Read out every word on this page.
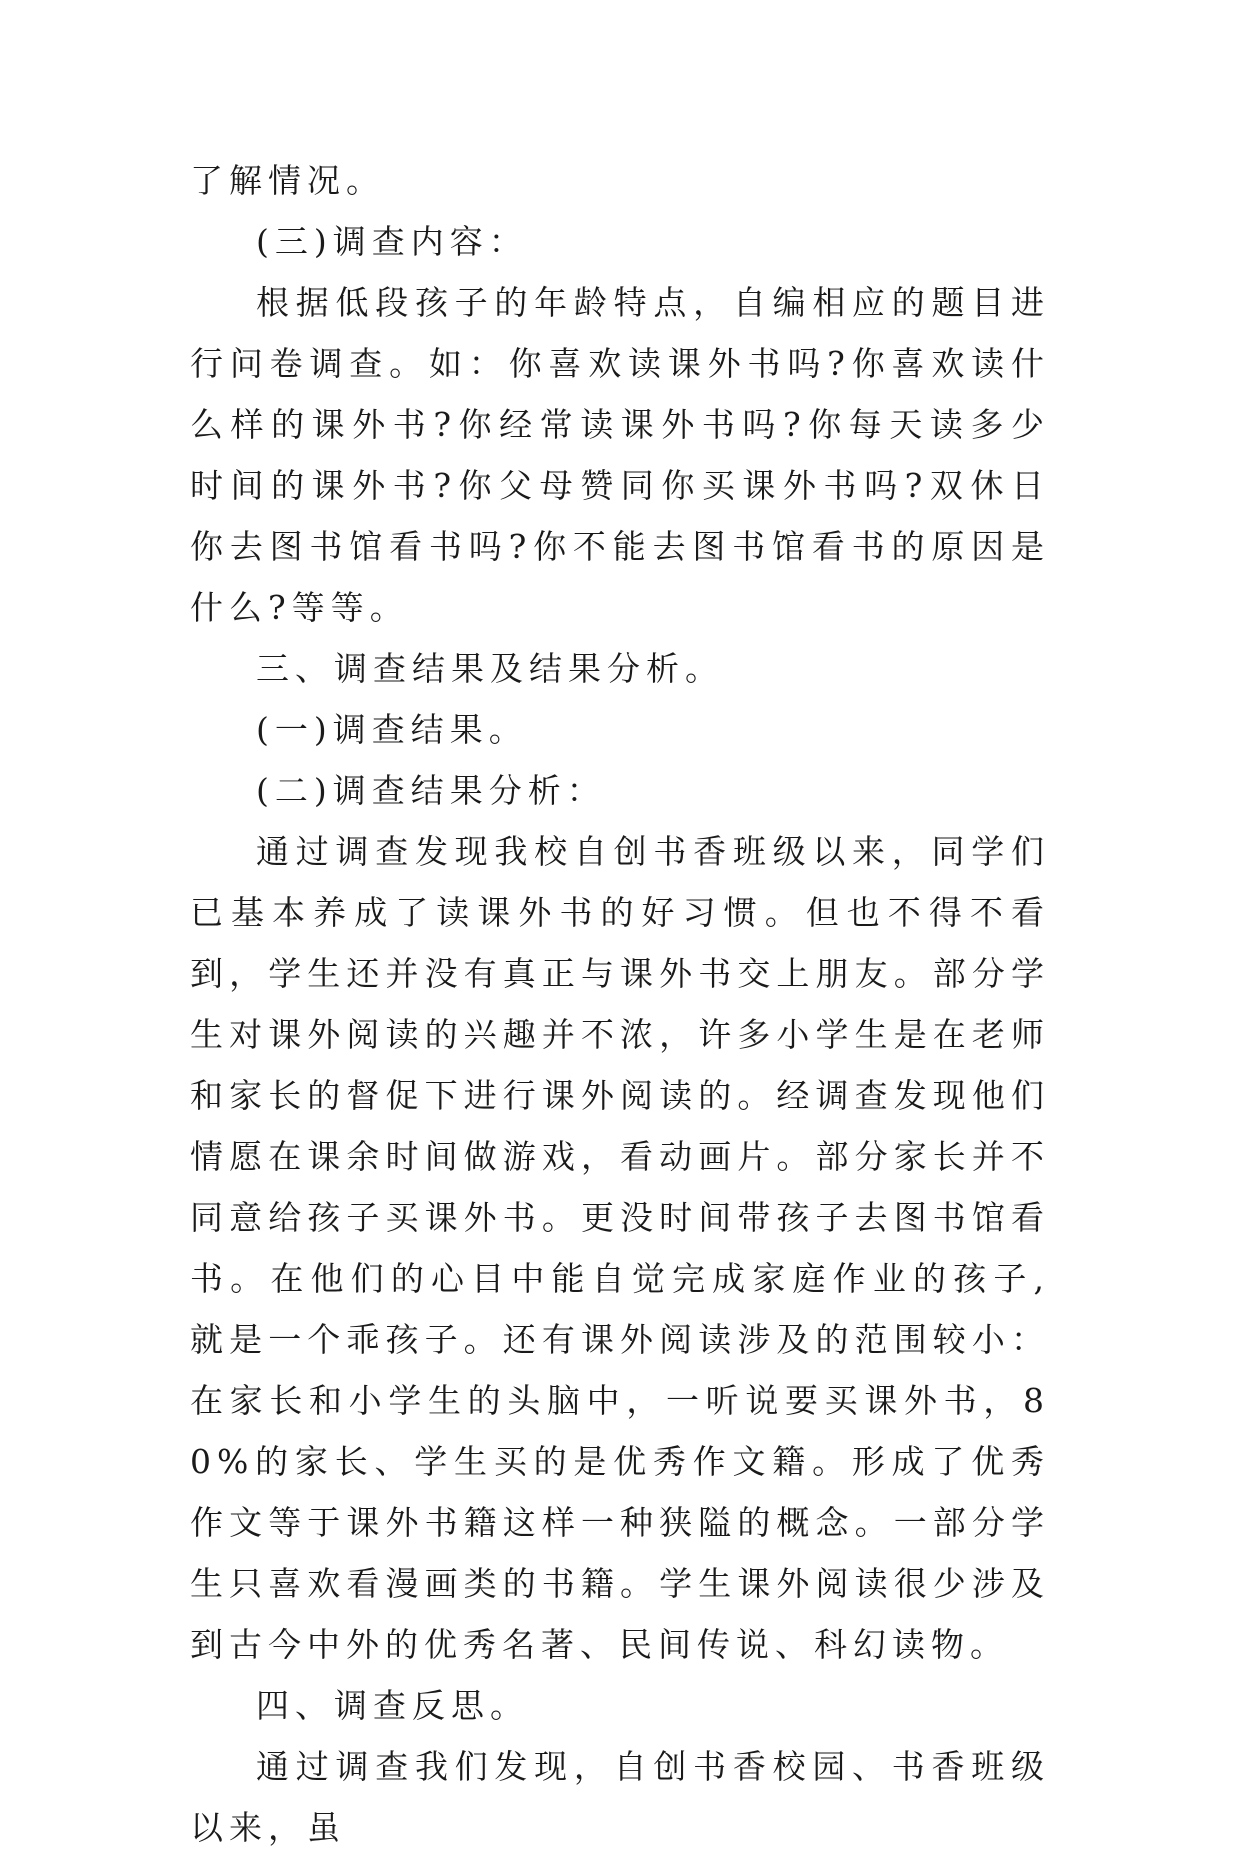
了解情况。

(三)调查内容：

根据低段孩子的年龄特点，自编相应的题目进行问卷调查。如：你喜欢读课外书吗?你喜欢读什么样的课外书?你经常读课外书吗?你每天读多少时间的课外书?你父母赞同你买课外书吗?双休日你去图书馆看书吗?你不能去图书馆看书的原因是什么?等等。

三、调查结果及结果分析。

(一)调查结果。

(二)调查结果分析：

通过调查发现我校自创书香班级以来，同学们已基本养成了读课外书的好习惯。但也不得不看到，学生还并没有真正与课外书交上朋友。部分学生对课外阅读的兴趣并不浓，许多小学生是在老师和家长的督促下进行课外阅读的。经调查发现他们情愿在课余时间做游戏，看动画片。部分家长并不同意给孩子买课外书。更没时间带孩子去图书馆看书。在他们的心目中能自觉完成家庭作业的孩子,就是一个乖孩子。还有课外阅读涉及的范围较小：在家长和小学生的头脑中，一听说要买课外书，80%的家长、学生买的是优秀作文籍。形成了优秀作文等于课外书籍这样一种狭隘的概念。一部分学生只喜欢看漫画类的书籍。学生课外阅读很少涉及到古今中外的优秀名著、民间传说、科幻读物。

四、调查反思。

通过调查我们发现，自创书香校园、书香班级以来，虽
